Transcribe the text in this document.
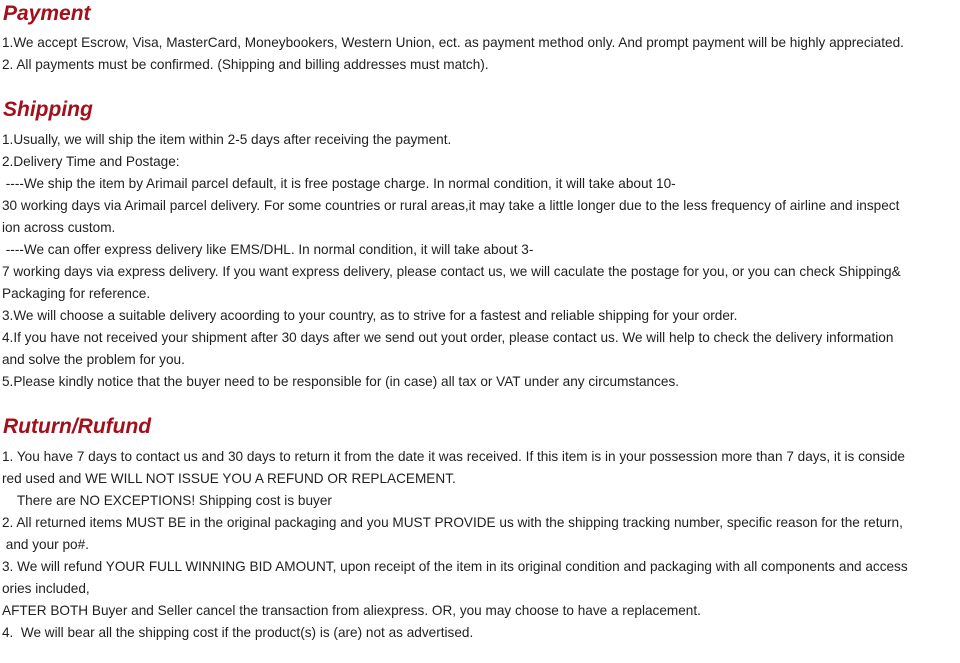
Payment

1.We accept Escrow, Visa, MasterCard, Moneybookers, Western Union, ect. as payment method only. And prompt payment will be highly appreciated.

2. All payments must be confirmed. (Shipping and billing addresses must match).

Shipping

1.Usually, we will ship the item within 2-5 days after receiving the payment.

2.Delivery Time and Postage:

----We ship the item by Arimail parcel default, it is free postage charge. In normal condition, it will take about 10-

30 working days via Arimail parcel delivery. For some countries or rural areas,it may take a little longer due to the less frequency of airline and inspect

ion across custom.

----We can offer express delivery like EMS/DHL. In normal condition, it will take about 3-

7 working days via express delivery. If you want express delivery, please contact us, we will caculate the postage for you, or you can check Shipping&

Packaging for reference.

3.We will choose a suitable delivery acoording to your country, as to strive for a fastest and reliable shipping for your order.

4.If you have not received your shipment after 30 days after we send out yout order, please contact us. We will help to check the delivery information

and solve the problem for you.

5.Please kindly notice that the buyer need to be responsible for (in case) all tax or VAT under any circumstances.

Ruturn/Rufund

1. You have 7 days to contact us and 30 days to return it from the date it was received. If this item is in your possession more than 7 days, it is conside

red used and WE WILL NOT ISSUE YOU A REFUND OR REPLACEMENT.

There are NO EXCEPTIONS! Shipping cost is buyer

2. All returned items MUST BE in the original packaging and you MUST PROVIDE us with the shipping tracking number, specific reason for the return,

and your po#.

3. We will refund YOUR FULL WINNING BID AMOUNT, upon receipt of the item in its original condition and packaging with all components and access

ories included,

AFTER BOTH Buyer and Seller cancel the transaction from aliexpress. OR, you may choose to have a replacement.

4.  We will bear all the shipping cost if the product(s) is (are) not as advertised.
